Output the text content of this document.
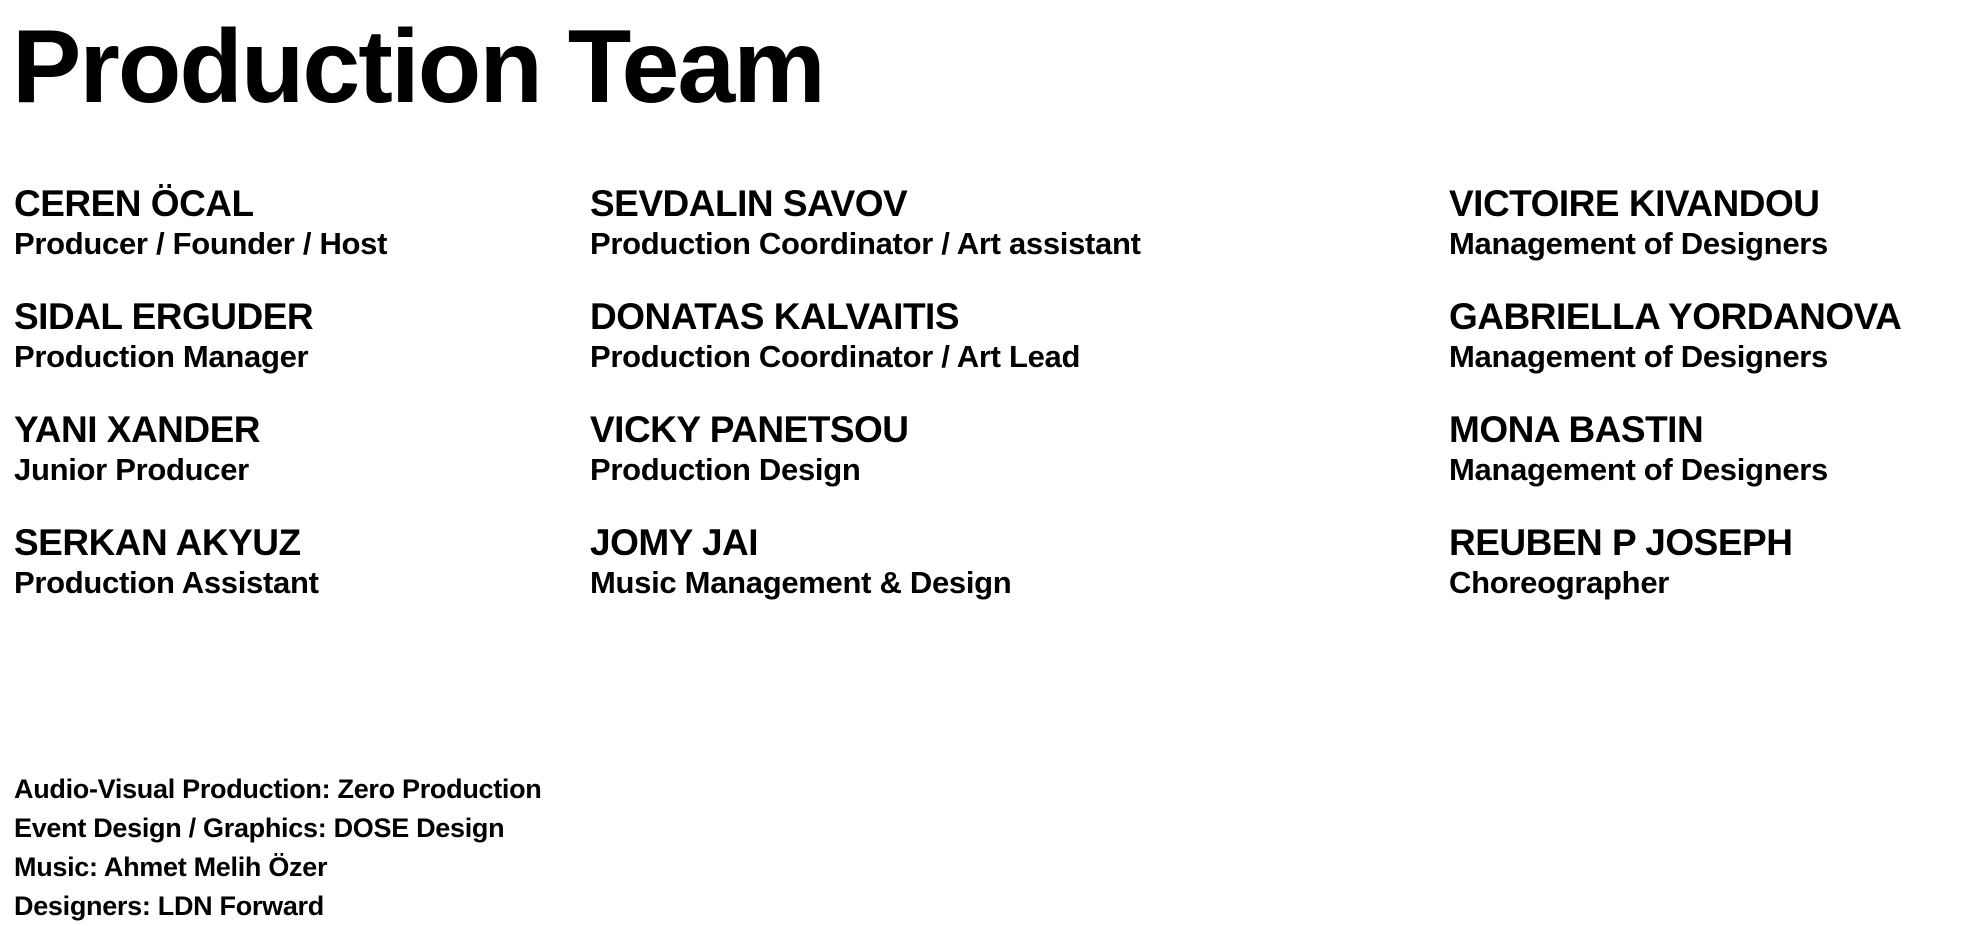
Production Team
CEREN ÖCAL
Producer / Founder / Host
SIDAL ERGUDER
Production Manager
YANI XANDER
Junior Producer
SERKAN AKYUZ
Production Assistant
SEVDALIN SAVOV
Production Coordinator / Art assistant
DONATAS KALVAITIS
Production Coordinator / Art Lead
VICKY PANETSOU
Production Design
JOMY JAI
Music Management & Design
VICTOIRE KIVANDOU
Management of Designers
GABRIELLA YORDANOVA
Management of Designers
MONA BASTIN
Management of Designers
REUBEN P JOSEPH
Choreographer
Audio-Visual Production: Zero Production
Event Design / Graphics: DOSE Design
Music: Ahmet Melih Özer
Designers: LDN Forward
